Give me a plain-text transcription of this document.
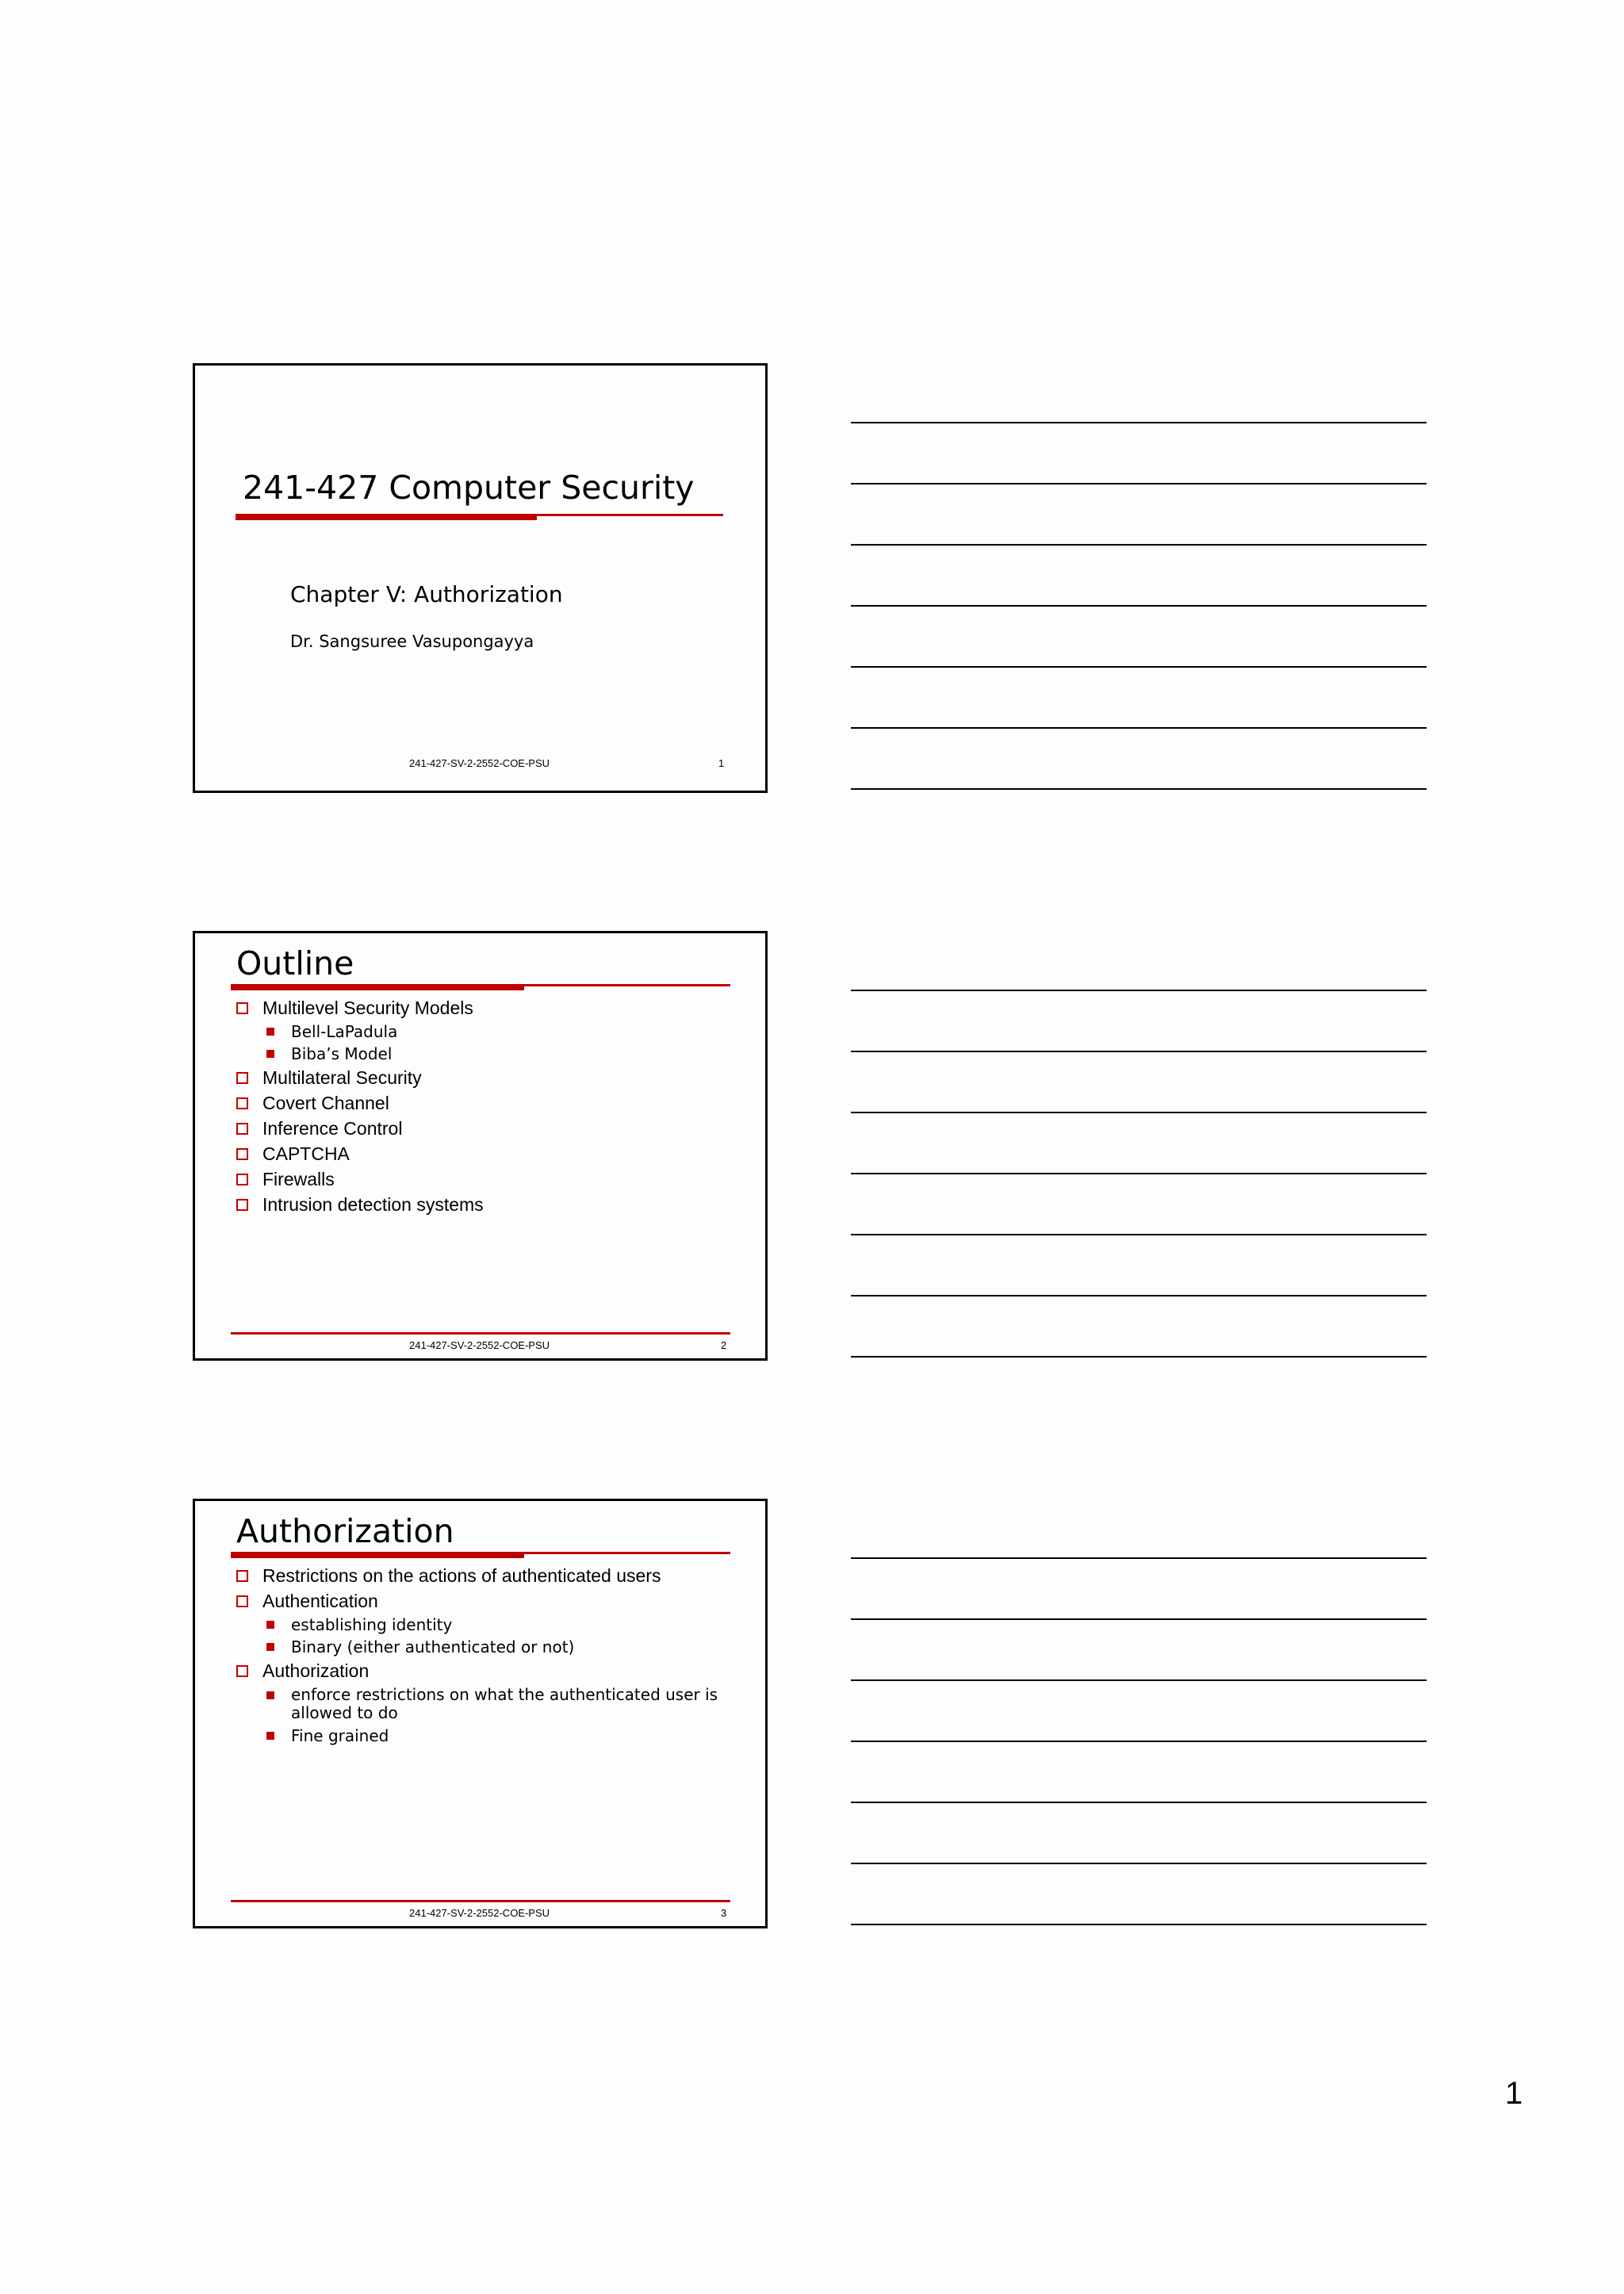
241-427 Computer Security
Chapter V: Authorization
Dr. Sangsuree Vasupongayya
241-427-SV-2-2552-COE-PSU	1
Outline
Multilevel Security Models
Bell-LaPadula
Biba’s Model
Multilateral Security
Covert Channel
Inference Control
CAPTCHA
Firewalls
Intrusion detection systems
241-427-SV-2-2552-COE-PSU	2
Authorization
Restrictions on the actions of authenticated users
Authentication
establishing identity
Binary (either authenticated or not)
Authorization
enforce restrictions on what the authenticated user is allowed to do
Fine grained
241-427-SV-2-2552-COE-PSU	3
1
